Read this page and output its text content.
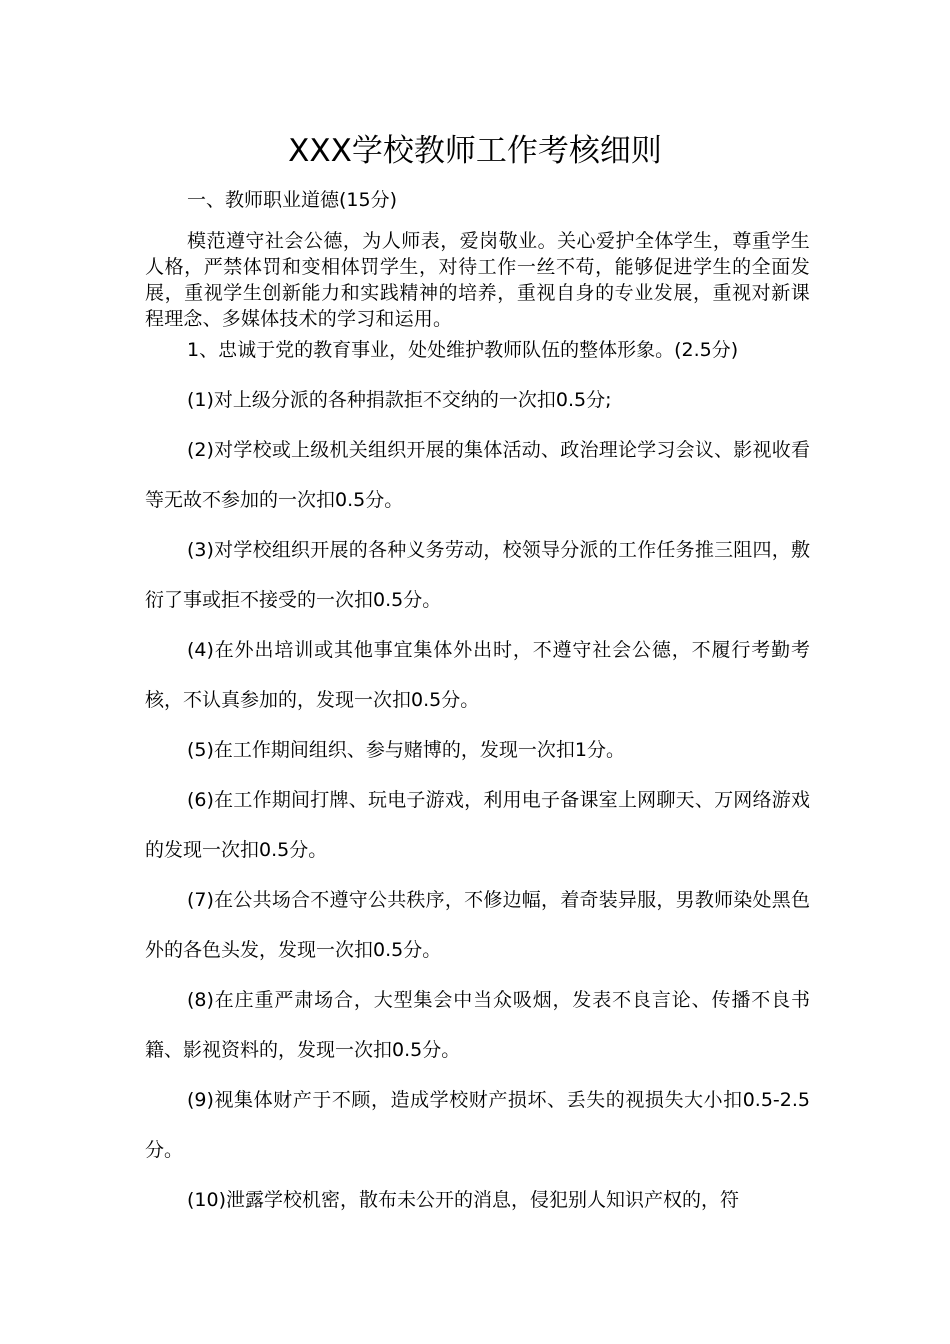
XXX学校教师工作考核细则
一、教师职业道德(15分)

模范遵守社会公德，为人师表，爱岗敬业。关心爱护全体学生，尊重学生人格，严禁体罚和变相体罚学生，对待工作一丝不苟，能够促进学生的全面发展，重视学生创新能力和实践精神的培养，重视自身的专业发展，重视对新课程理念、多媒体技术的学习和运用。

1、忠诚于党的教育事业，处处维护教师队伍的整体形象。(2.5分)

(1)对上级分派的各种捐款拒不交纳的一次扣0.5分;

(2)对学校或上级机关组织开展的集体活动、政治理论学习会议、影视收看等无故不参加的一次扣0.5分。

(3)对学校组织开展的各种义务劳动，校领导分派的工作任务推三阻四，敷衍了事或拒不接受的一次扣0.5分。

(4)在外出培训或其他事宜集体外出时，不遵守社会公德，不履行考勤考核，不认真参加的，发现一次扣0.5分。

(5)在工作期间组织、参与赌博的，发现一次扣1分。

(6)在工作期间打牌、玩电子游戏，利用电子备课室上网聊天、万网络游戏的发现一次扣0.5分。

(7)在公共场合不遵守公共秩序，不修边幅，着奇装异服，男教师染处黑色外的各色头发，发现一次扣0.5分。

(8)在庄重严肃场合，大型集会中当众吸烟，发表不良言论、传播不良书籍、影视资料的，发现一次扣0.5分。

(9)视集体财产于不顾，造成学校财产损坏、丢失的视损失大小扣0.5-2.5分。

(10)泄露学校机密，散布未公开的消息，侵犯别人知识产权的，符
